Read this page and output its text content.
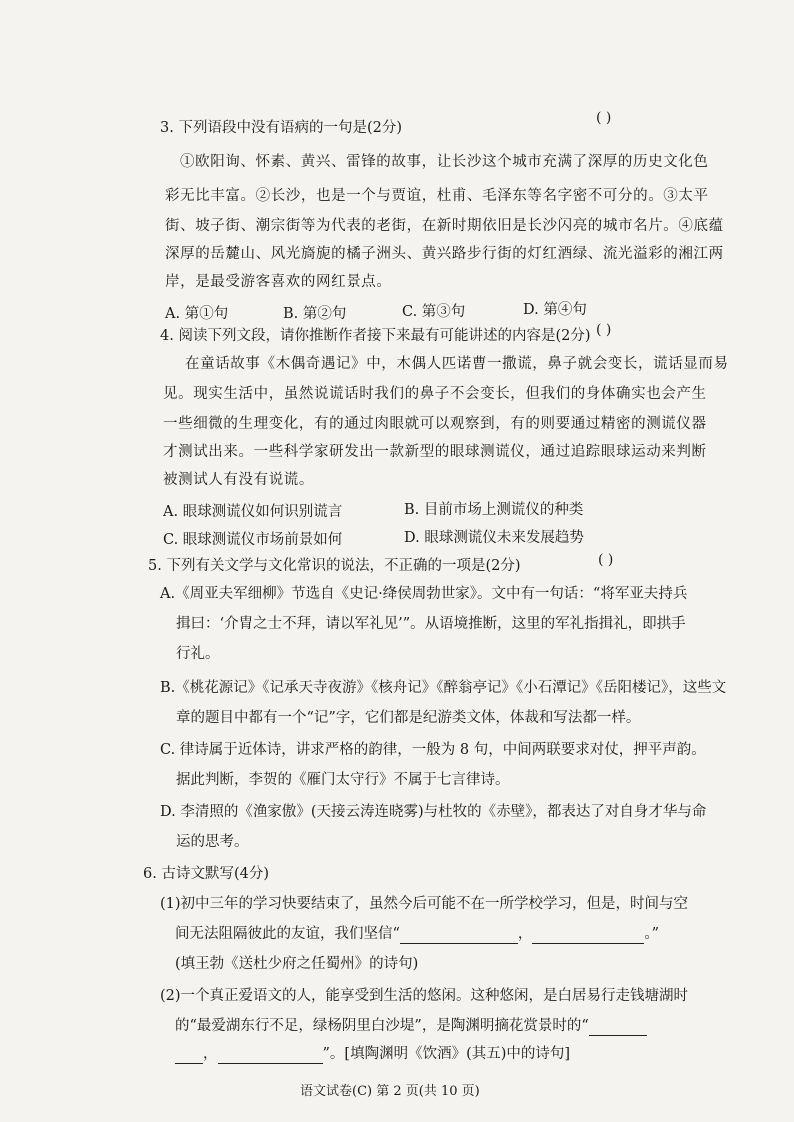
( )
3. 下列语段中没有语病的一句是(2分)
①欧阳询、怀素、黄兴、雷锋的故事，让长沙这个城市充满了深厚的历史文化色
彩无比丰富。②长沙，也是一个与贾谊，杜甫、毛泽东等名字密不可分的。③太平
街、坡子街、潮宗街等为代表的老街，在新时期依旧是长沙闪亮的城市名片。④底蕴
深厚的岳麓山、风光旖旎的橘子洲头、黄兴路步行街的灯红酒绿、流光溢彩的湘江两
岸，是最受游客喜欢的网红景点。
A. 第①句	B. 第②句	C. 第③句	D. 第④句
4. 阅读下列文段，请你推断作者接下来最有可能讲述的内容是(2分) ( )
在童话故事《木偶奇遇记》中，木偶人匹诺曹一撒谎，鼻子就会变长，谎话显而易
见。现实生活中，虽然说谎话时我们的鼻子不会变长，但我们的身体确实也会产生
一些细微的生理变化，有的通过肉眼就可以观察到，有的则要通过精密的测谎仪器
才测试出来。一些科学家研发出一款新型的眼球测谎仪，通过追踪眼球运动来判断
被测试人有没有说谎。
A. 眼球测谎仪如何识别谎言	B. 目前市场上测谎仪的种类
C. 眼球测谎仪市场前景如何	D. 眼球测谎仪未来发展趋势
5. 下列有关文学与文化常识的说法，不正确的一项是(2分)	( )
A.《周亚夫军细柳》节选自《史记·绛侯周勃世家》。文中有一句话：“将军亚夫持兵
揖曰：‘介胄之士不拜，请以军礼见’”。从语境推断，这里的军礼指揖礼，即拱手
行礼。
B.《桃花源记》《记承天寺夜游》《核舟记》《醉翁亭记》《小石潭记》《岳阳楼记》，这些文
章的题目中都有一个“记”字，它们都是纪游类文体，体裁和写法都一样。
C. 律诗属于近体诗，讲求严格的韵律，一般为 8 句，中间两联要求对仗，押平声韵。
据此判断，李贺的《雁门太守行》不属于七言律诗。
D. 李清照的《渔家傲》(天接云涛连晓雾)与杜牧的《赤壁》，都表达了对自身才华与命
运的思考。
6. 古诗文默写(4分)
(1)初中三年的学习快要结束了，虽然今后可能不在一所学校学习，但是，时间与空
间无法阻隔彼此的友谊，我们坚信“	，	。”
(填王勃《送杜少府之任蜀州》的诗句)
(2)一个真正爱语文的人，能享受到生活的悠闲。这种悠闲，是白居易行走钱塘湖时
的“最爱湖东行不足，绿杨阴里白沙堤”，是陶渊明摘花赏景时的“
，	”。[填陶渊明《饮酒》(其五)中的诗句]
语文试卷(C) 第 2 页(共 10 页)
